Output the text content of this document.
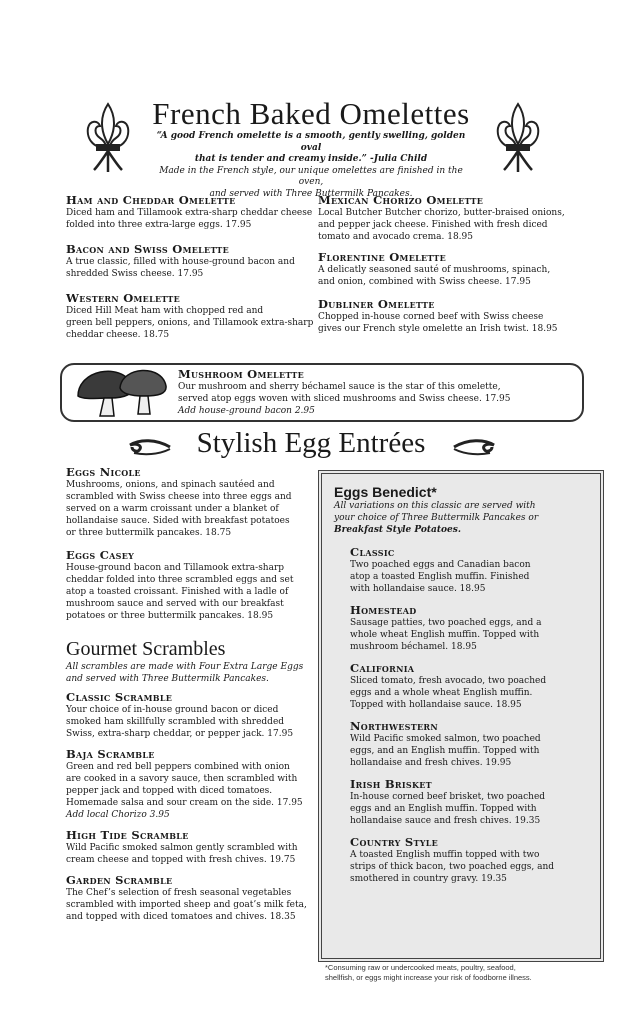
French Baked Omelettes
“A good French omelette is a smooth, gently swelling, golden oval
that is tender and creamy inside.” -Julia Child
Made in the French style, our unique omelettes are finished in the oven,
and served with Three Buttermilk Pancakes.
Ham and Cheddar Omelette
Diced ham and Tillamook extra-sharp cheddar cheese
folded into three extra-large eggs. 17.95
Bacon and Swiss Omelette
A true classic, filled with house-ground bacon and
shredded Swiss cheese. 17.95
Western Omelette
Diced Hill Meat ham with chopped red and
green bell peppers, onions, and Tillamook extra-sharp
cheddar cheese. 18.75
Mexican Chorizo Omelette
Local Butcher Butcher chorizo, butter-braised onions,
and pepper jack cheese. Finished with fresh diced
tomato and avocado crema. 18.95
Florentine Omelette
A delicatly seasoned sauté of mushrooms, spinach,
and onion, combined with Swiss cheese. 17.95
Dubliner Omelette
Chopped in-house corned beef with Swiss cheese
gives our French style omelette an Irish twist. 18.95
Mushroom Omelette
Our mushroom and sherry béchamel sauce is the star of this omelette,
served atop eggs woven with sliced mushrooms and Swiss cheese. 17.95
Add house-ground bacon 2.95
Stylish Egg Entrées
Eggs Nicole
Mushrooms, onions, and spinach sautéed and
scrambled with Swiss cheese into three eggs and
served on a warm croissant under a blanket of
hollandaise sauce. Sided with breakfast potatoes
or three buttermilk pancakes. 18.75
Eggs Casey
House-ground bacon and Tillamook extra-sharp
cheddar folded into three scrambled eggs and set
atop a toasted croissant. Finished with a ladle of
mushroom sauce and served with our breakfast
potatoes or three buttermilk pancakes. 18.95
Gourmet Scrambles
All scrambles are made with Four Extra Large Eggs
and served with Three Buttermilk Pancakes.
Classic Scramble
Your choice of in-house ground bacon or diced
smoked ham skillfully scrambled with shredded
Swiss, extra-sharp cheddar, or pepper jack. 17.95
Baja Scramble
Green and red bell peppers combined with onion
are cooked in a savory sauce, then scrambled with
pepper jack and topped with diced tomatoes.
Homemade salsa and sour cream on the side. 17.95
Add local Chorizo 3.95
High Tide Scramble
Wild Pacific smoked salmon gently scrambled with
cream cheese and topped with fresh chives. 19.75
Garden Scramble
The Chef’s selection of fresh seasonal vegetables
scrambled with imported sheep and goat’s milk feta,
and topped with diced tomatoes and chives. 18.35
Eggs Benedict*
All variations on this classic are served with
your choice of Three Buttermilk Pancakes or
Breakfast Style Potatoes.
Classic
Two poached eggs and Canadian bacon
atop a toasted English muffin. Finished
with hollandaise sauce. 18.95
Homestead
Sausage patties, two poached eggs, and a
whole wheat English muffin. Topped with
mushroom béchamel. 18.95
California
Sliced tomato, fresh avocado, two poached
eggs and a whole wheat English muffin.
Topped with hollandaise sauce. 18.95
Northwestern
Wild Pacific smoked salmon, two poached
eggs, and an English muffin. Topped with
hollandaise and fresh chives. 19.95
Irish Brisket
In-house corned beef brisket, two poached
eggs and an English muffin. Topped with
hollandaise sauce and fresh chives. 19.35
Country Style
A toasted English muffin topped with two
strips of thick bacon, two poached eggs, and
smothered in country gravy. 19.35
*Consuming raw or undercooked meats, poultry, seafood,
shellfish, or eggs might increase your risk of foodborne illness.
